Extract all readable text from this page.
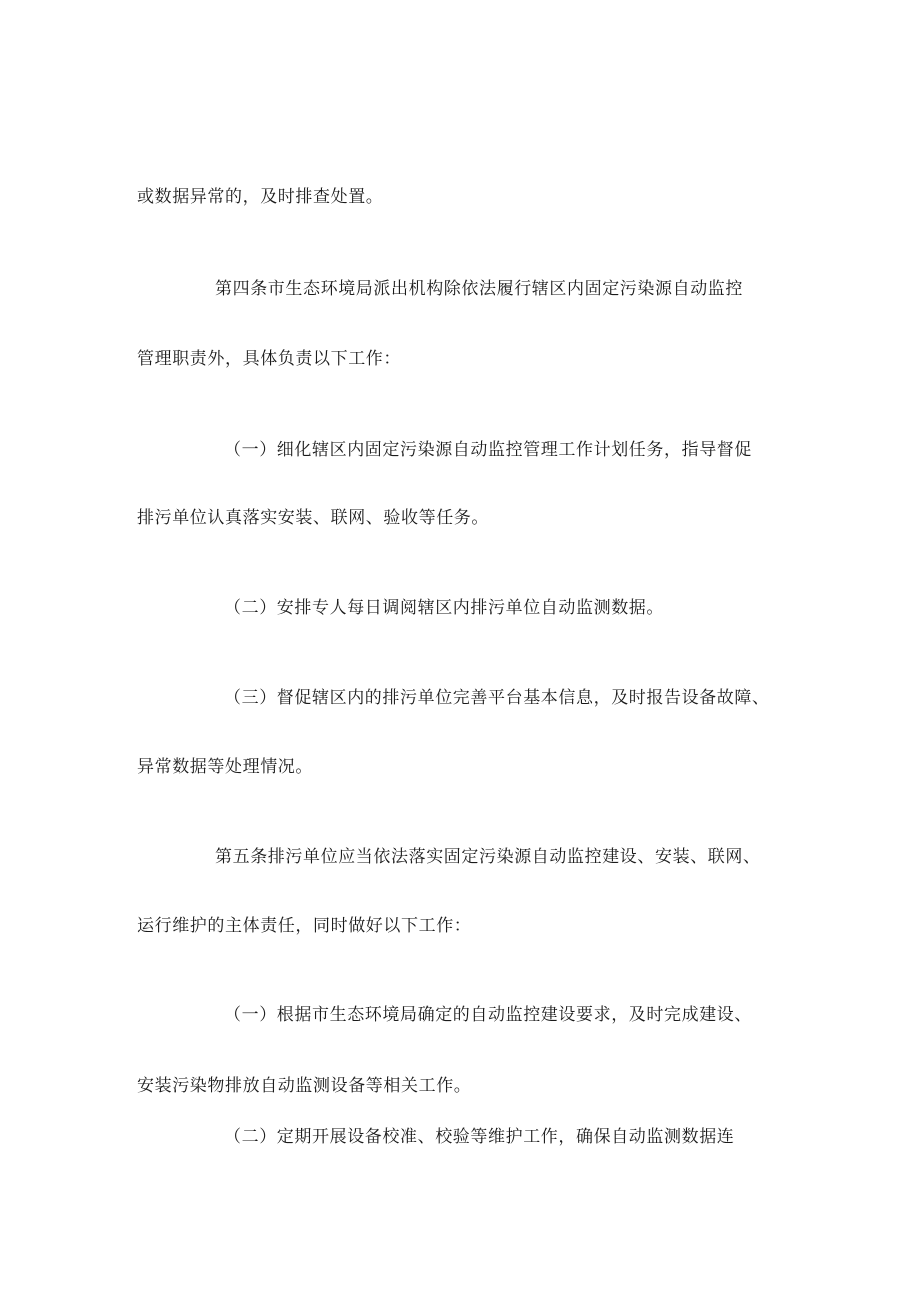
或数据异常的，及时排查处置。
第四条市生态环境局派出机构除依法履行辖区内固定污染源自动监控
管理职责外，具体负责以下工作：
（一）细化辖区内固定污染源自动监控管理工作计划任务，指导督促
排污单位认真落实安装、联网、验收等任务。
（二）安排专人每日调阅辖区内排污单位自动监测数据。
（三）督促辖区内的排污单位完善平台基本信息，及时报告设备故障、
异常数据等处理情况。
第五条排污单位应当依法落实固定污染源自动监控建设、安装、联网、
运行维护的主体责任，同时做好以下工作：
（一）根据市生态环境局确定的自动监控建设要求，及时完成建设、
安装污染物排放自动监测设备等相关工作。
（二）定期开展设备校准、校验等维护工作，确保自动监测数据连
